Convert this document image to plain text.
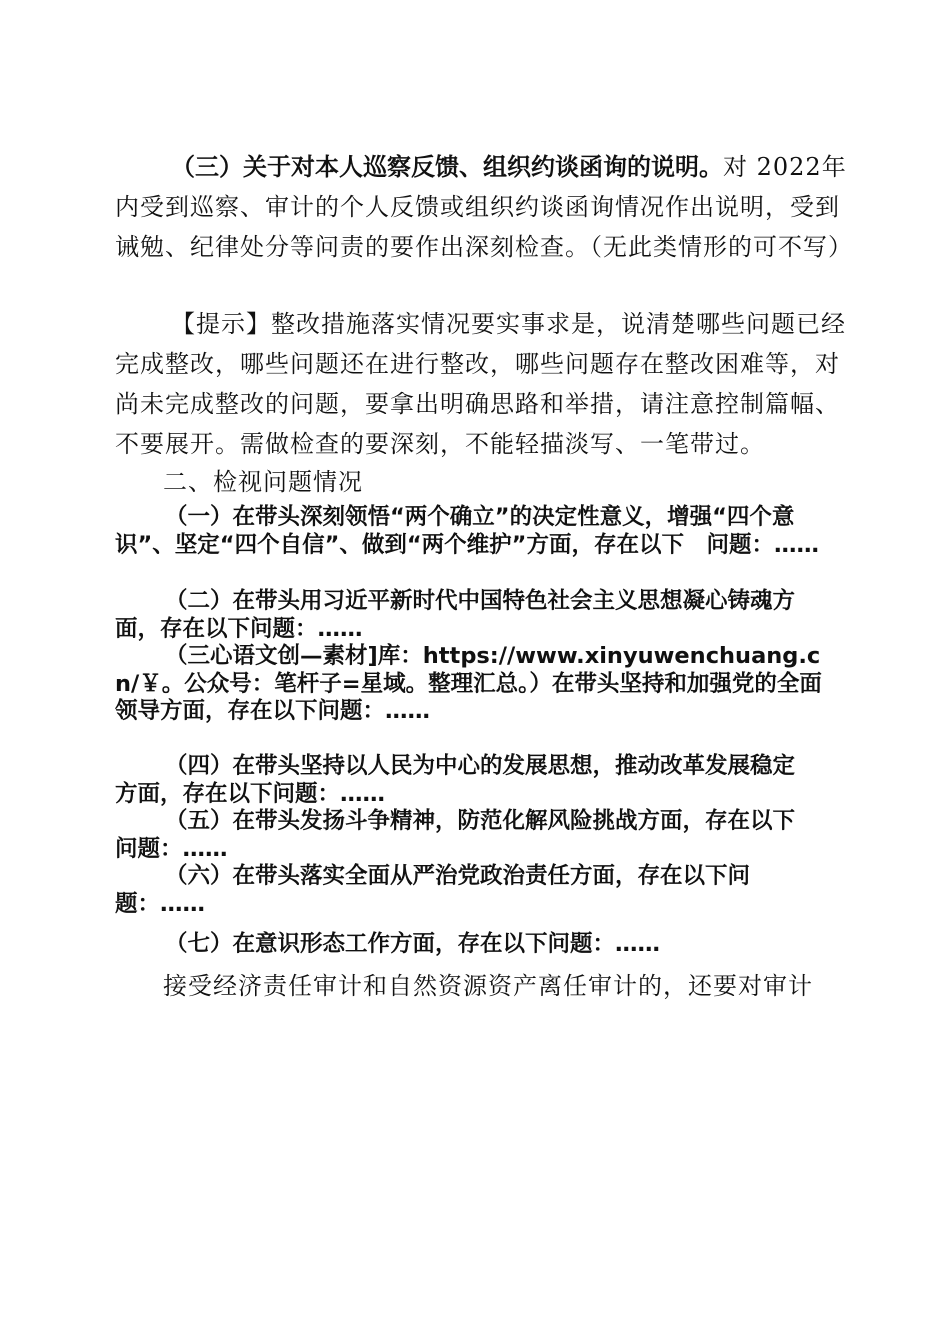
（三）关于对本人巡察反馈、组织约谈函询的说明。对 2022年内受到巡察、审计的个人反馈或组织约谈函询情况作出说明，受到诫勉、纪律处分等问责的要作出深刻检查。（无此类情形的可不写）
【提示】整改措施落实情况要实事求是，说清楚哪些问题已经完成整改，哪些问题还在进行整改，哪些问题存在整改困难等，对尚未完成整改的问题，要拿出明确思路和举措，请注意控制篇幅、不要展开。需做检查的要深刻，不能轻描淡写、一笔带过。
二、检视问题情况
（一）在带头深刻领悟“两个确立”的决定性意义，增强“四个意识”、坚定“四个自信”、做到“两个维护”方面，存在以下　问题：……
（二）在带头用习近平新时代中国特色社会主义思想凝心铸魂方面，存在以下问题：……
（三心语文创—素材]库：https://www.xinyuwenchuang.cn/￥。公众号：笔杆子=星域。整理汇总。）在带头坚持和加强党的全面领导方面，存在以下问题：……
（四）在带头坚持以人民为中心的发展思想，推动改革发展稳定方面，存在以下问题：……
（五）在带头发扬斗争精神，防范化解风险挑战方面，存在以下问题：……
（六）在带头落实全面从严治党政治责任方面，存在以下问题：……
（七）在意识形态工作方面，存在以下问题：……
接受经济责任审计和自然资源资产离任审计的，还要对审计
